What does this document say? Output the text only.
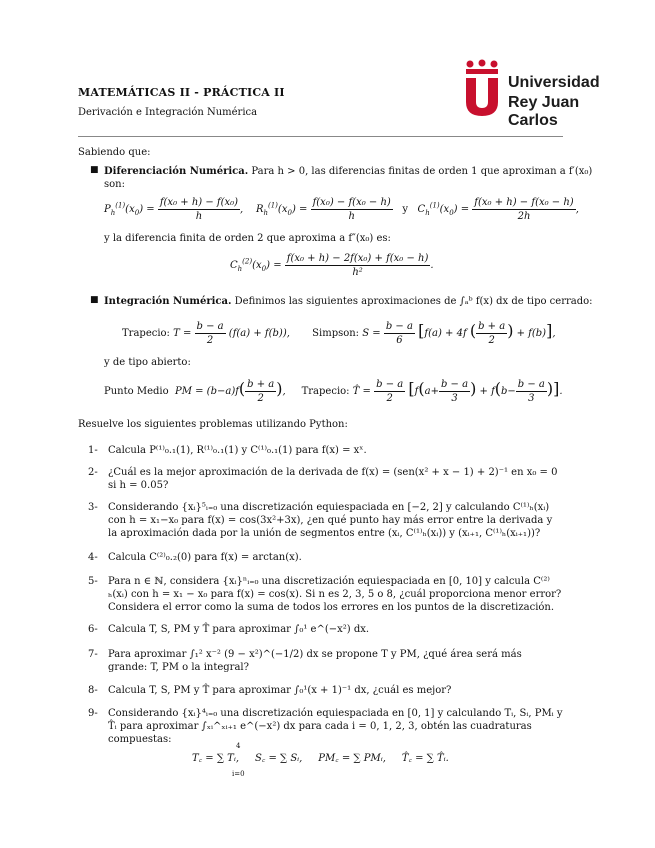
MATEMÁTICAS II - PRÁCTICA II
Derivación e Integración Numérica
Universidad
Rey Juan Carlos
Sabiendo que:
■ Diferenciación Numérica. Para h > 0, las diferencias finitas de orden 1 que aproximan a f′(x₀)
son:
$P_h^{(1)}(x_0) = \frac{\text{f(x₀ + h) − f(x₀)}}{h}$ ,    $R_h^{(1)}(x_0) = \frac{\text{f(x₀) − f(x₀ − h)}}{h}$ y $C_h^{(1)}(x_0) = \frac{\text{f(x₀ + h) − f(x₀ − h)}}{2h}$ ,
y la diferencia finita de orden 2 que aproxima a f″(x₀) es:
$C_h^{(2)}(x_0) = \frac{\text{f(x₀ + h) − 2f(x₀) + f(x₀ − h)}}{\text{h²}}$ .
■ Integración Numérica. Definimos las siguientes aproximaciones de ∫ₐᵇ f(x) dx de tipo cerrado:
Trapecio: $T = \frac{b - a}{2} (f(a) + f(b))$,       Simpson: $S = \frac{b - a}{6} [f(a) + 4f$ ( $\frac{b + a}{2}$ ) + f(b)],
y de tipo abierto:
Punto Medio  PM = $(b-a)f( \frac{b + a}{2}$ ),     Trapecio: T̂ = $\frac{b - a}{2} [f(a+ \frac{b - a}{3}$ ) + $f(b- \frac{b - a}{3}$ )].
Resuelve los siguientes problemas utilizando Python:
1- Calcula P⁽¹⁾₀.₁(1), R⁽¹⁾₀.₁(1) y C⁽¹⁾₀.₁(1) para f(x) = xˣ.
2- ¿Cuál es la mejor aproximación de la derivada de f(x) = (sen(x² + x − 1) + 2)⁻¹ en x₀ = 0 si h = 0.05?
3- Considerando {xᵢ}⁵ᵢ₌₀ una discretización equiespaciada en [−2, 2] y calculando C⁽¹⁾ₕ(xᵢ) con h = x₁−x₀ para f(x) = cos(3x²+3x), ¿en qué punto hay más error entre la derivada y la aproximación dada por la unión de segmentos entre (xᵢ, C⁽¹⁾ₕ(xᵢ)) y (xᵢ₊₁, C⁽¹⁾ₕ(xᵢ₊₁))?
4- Calcula C⁽²⁾₀.₂(0) para f(x) = arctan(x).
5- Para n ∈ ℕ, considera {xᵢ}ⁿᵢ₌₀ una discretización equiespaciada en [0, 10] y calcula C⁽²⁾ₕ(xᵢ) con h = x₁ − x₀ para f(x) = cos(x). Si n es 2, 3, 5 o 8, ¿cuál proporciona menor error? Considera el error como la suma de todos los errores en los puntos de la discretización.
6- Calcula T, S, PM y T̂ para aproximar ∫₀¹ e^(−x²) dx.
7- Para aproximar ∫₁² x⁻² (9 − x²)^(−1/2) dx se propone T y PM, ¿qué área será más grande: T, PM o la integral?
8- Calcula T, S, PM y T̂ para aproximar ∫₀¹(x + 1)⁻¹ dx, ¿cuál es mejor?
9- Considerando {xᵢ}⁴ᵢ₌₀ una discretización equiespaciada en [0, 1] y calculando Tᵢ, Sᵢ, PMᵢ y T̂ᵢ para aproximar ∫ₓᵢ^ₓᵢ₊₁ e^(−x²) dx para cada i = 0, 1, 2, 3, obtén las cuadraturas compuestas:
T꜀ = ∑ Tᵢ, S꜀ = ∑ Sᵢ, PM꜀ = ∑ PMᵢ, T̂꜀ = ∑ T̂ᵢ.
4
i=0
